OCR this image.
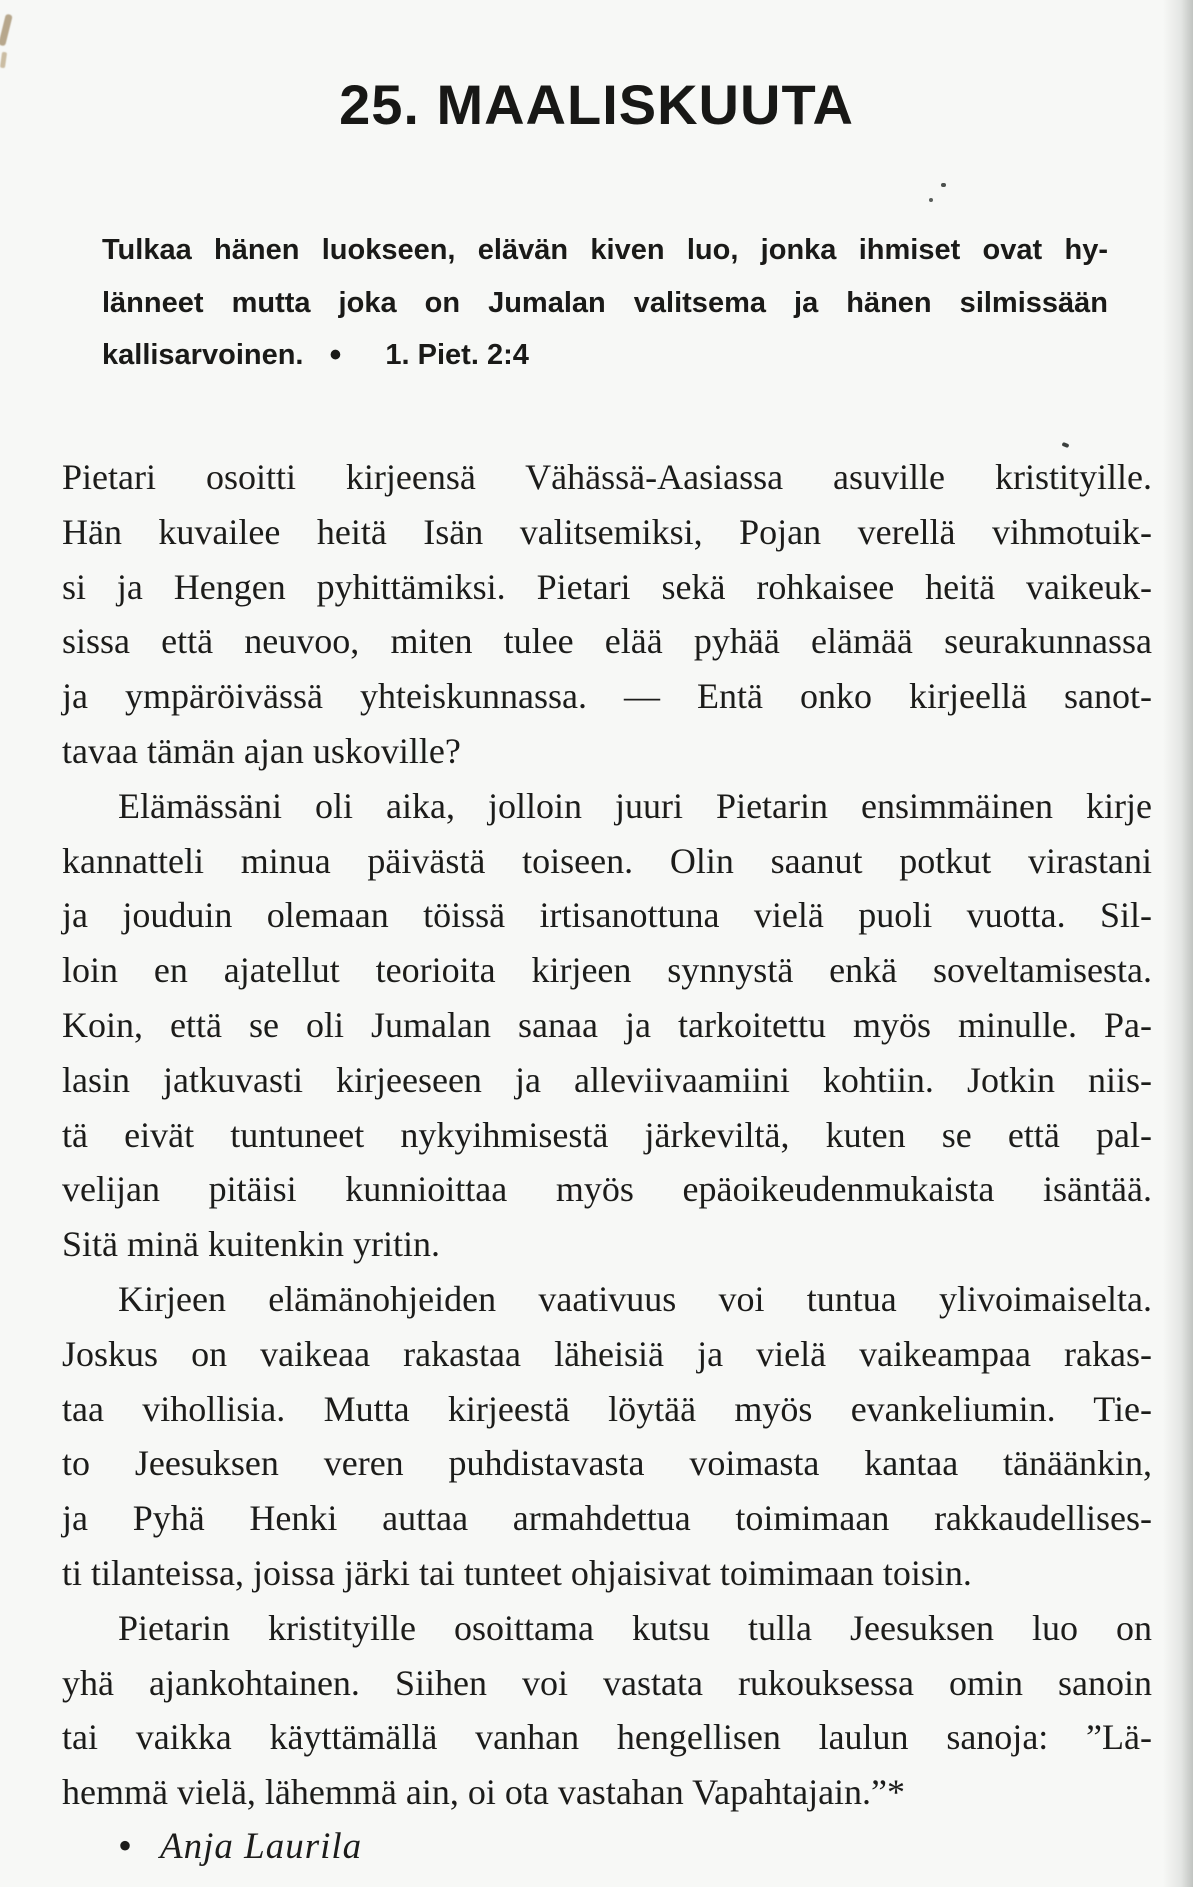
25. MAALISKUUTA
Tulkaa hänen luokseen, elävän kiven luo, jonka ihmiset ovat hy-
länneet mutta joka on Jumalan valitsema ja hänen silmissään
kallisarvoinen. • 1. Piet. 2:4
Pietari osoitti kirjeensä Vähässä-Aasiassa asuville kristityille.
Hän kuvailee heitä Isän valitsemiksi, Pojan verellä vihmotuik-
si ja Hengen pyhittämiksi. Pietari sekä rohkaisee heitä vaikeuk-
sissa että neuvoo, miten tulee elää pyhää elämää seurakunnassa
ja ympäröivässä yhteiskunnassa. — Entä onko kirjeellä sanot-
tavaa tämän ajan uskoville?
Elämässäni oli aika, jolloin juuri Pietarin ensimmäinen kirje
kannatteli minua päivästä toiseen. Olin saanut potkut virastani
ja jouduin olemaan töissä irtisanottuna vielä puoli vuotta. Sil-
loin en ajatellut teorioita kirjeen synnystä enkä soveltamisesta.
Koin, että se oli Jumalan sanaa ja tarkoitettu myös minulle. Pa-
lasin jatkuvasti kirjeeseen ja alleviivaamiini kohtiin. Jotkin niis-
tä eivät tuntuneet nykyihmisestä järkeviltä, kuten se että pal-
velijan pitäisi kunnioittaa myös epäoikeudenmukaista isäntää.
Sitä minä kuitenkin yritin.
Kirjeen elämänohjeiden vaativuus voi tuntua ylivoimaiselta.
Joskus on vaikeaa rakastaa läheisiä ja vielä vaikeampaa rakas-
taa vihollisia. Mutta kirjeestä löytää myös evankeliumin. Tie-
to Jeesuksen veren puhdistavasta voimasta kantaa tänäänkin,
ja Pyhä Henki auttaa armahdettua toimimaan rakkaudellises-
ti tilanteissa, joissa järki tai tunteet ohjaisivat toimimaan toisin.
Pietarin kristityille osoittama kutsu tulla Jeesuksen luo on
yhä ajankohtainen. Siihen voi vastata rukouksessa omin sanoin
tai vaikka käyttämällä vanhan hengellisen laulun sanoja: ”Lä-
hemmä vielä, lähemmä ain, oi ota vastahan Vapahtajain.”*
• Anja Laurila
